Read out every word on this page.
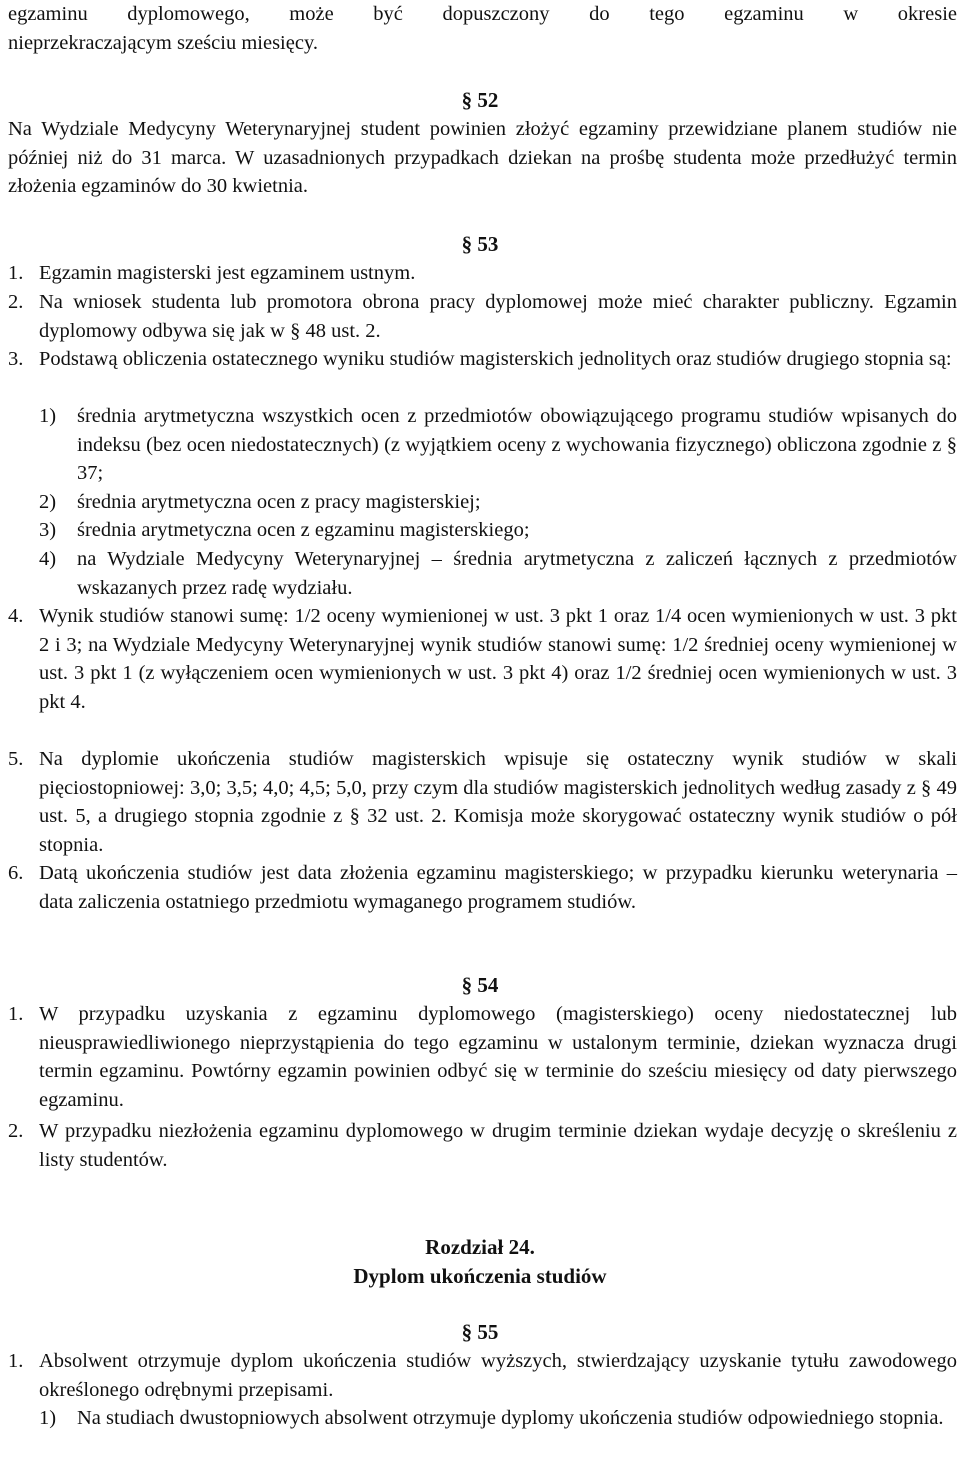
egzaminu dyplomowego, może być dopuszczony do tego egzaminu w okresie
nieprzekraczającym sześciu miesięcy.
§ 52
Na Wydziale Medycyny Weterynaryjnej student powinien złożyć egzaminy przewidziane planem studiów nie później niż do 31 marca. W uzasadnionych przypadkach dziekan na prośbę studenta może przedłużyć termin złożenia egzaminów do 30 kwietnia.
§ 53
1. Egzamin magisterski jest egzaminem ustnym.
2. Na wniosek studenta lub promotora obrona pracy dyplomowej może mieć charakter publiczny. Egzamin dyplomowy odbywa się jak w § 48 ust. 2.
3. Podstawą obliczenia ostatecznego wyniku studiów magisterskich jednolitych oraz studiów drugiego stopnia są:
1)	średnia arytmetyczna wszystkich ocen z przedmiotów obowiązującego programu studiów wpisanych do indeksu (bez ocen niedostatecznych) (z wyjątkiem oceny z wychowania fizycznego) obliczona zgodnie z § 37;
2)	średnia arytmetyczna ocen z pracy magisterskiej;
3)	średnia arytmetyczna ocen z egzaminu magisterskiego;
4)	na Wydziale Medycyny Weterynaryjnej – średnia arytmetyczna z zaliczeń łącznych z przedmiotów wskazanych przez radę wydziału.
4. Wynik studiów stanowi sumę: 1/2 oceny wymienionej w ust. 3 pkt 1 oraz 1/4 ocen wymienionych w ust. 3 pkt 2 i 3; na Wydziale Medycyny Weterynaryjnej wynik studiów stanowi sumę: 1/2 średniej oceny wymienionej w ust. 3 pkt 1 (z wyłączeniem ocen wymienionych w ust. 3 pkt 4) oraz 1/2 średniej ocen wymienionych w ust. 3 pkt 4.
5. Na dyplomie ukończenia studiów magisterskich wpisuje się ostateczny wynik studiów w skali pięciostopniowej: 3,0; 3,5; 4,0; 4,5; 5,0, przy czym dla studiów magisterskich jednolitych według zasady z § 49 ust. 5, a drugiego stopnia zgodnie z § 32 ust. 2. Komisja może skorygować ostateczny wynik studiów o pół stopnia.
6. Datą ukończenia studiów jest data złożenia egzaminu magisterskiego; w przypadku kierunku weterynaria – data zaliczenia ostatniego przedmiotu wymaganego programem studiów.
§ 54
1. W przypadku uzyskania z egzaminu dyplomowego (magisterskiego) oceny niedostatecznej lub nieusprawiedliwionego nieprzystąpienia do tego egzaminu w ustalonym terminie, dziekan wyznacza drugi termin egzaminu. Powtórny egzamin powinien odbyć się w terminie do sześciu miesięcy od daty pierwszego egzaminu.
2. W przypadku niezłożenia egzaminu dyplomowego w drugim terminie dziekan wydaje decyzję o skreśleniu z listy studentów.
Rozdział 24.
Dyplom ukończenia studiów
§ 55
1. Absolwent otrzymuje dyplom ukończenia studiów wyższych, stwierdzający uzyskanie tytułu zawodowego określonego odrębnymi przepisami.
1)	Na studiach dwustopniowych absolwent otrzymuje dyplomy ukończenia studiów odpowiedniego stopnia.
